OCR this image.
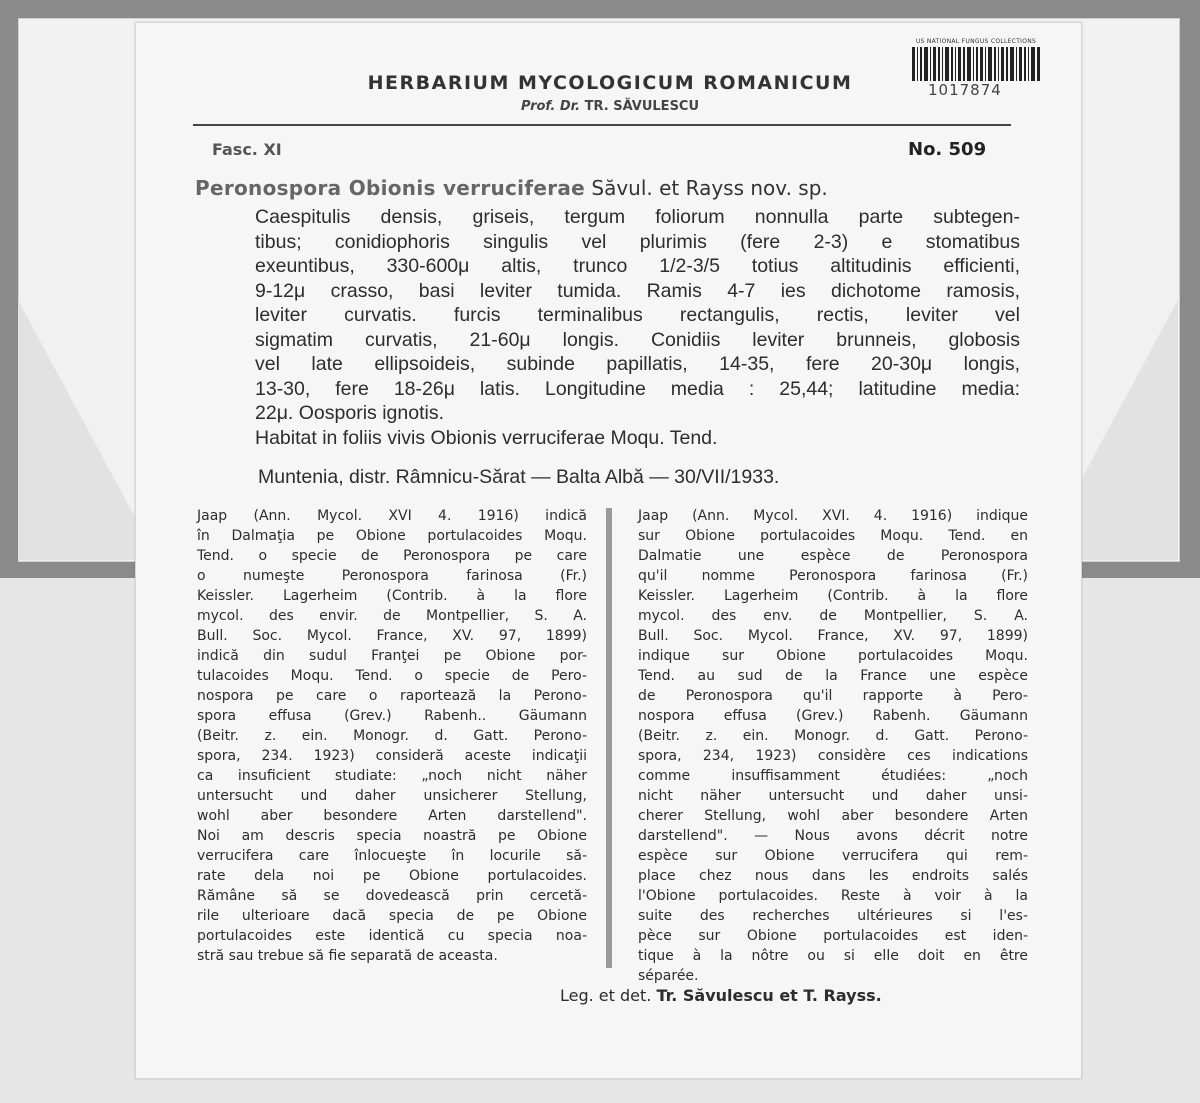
HERBARIUM MYCOLOGICUM ROMANICUM
Prof. Dr. TR. SĂVULESCU
US NATIONAL FUNGUS COLLECTIONS
1017874
Fasc. XI	No. 509
Peronospora Obionis verruciferae Săvul. et Rayss nov. sp.
Caespitulis densis, griseis, tergum foliorum nonnulla parte subtegen-
tibus; conidiophoris singulis vel plurimis (fere 2-3) e stomatibus
exeuntibus, 330-600μ altis, trunco 1/2-3/5 totius altitudinis efficienti,
9-12μ crasso, basi leviter tumida. Ramis 4-7 ies dichotome ramosis,
leviter curvatis. furcis terminalibus rectangulis, rectis, leviter vel
sigmatim curvatis, 21-60μ longis. Conidiis leviter brunneis, globosis
vel late ellipsoideis, subinde papillatis, 14-35, fere 20-30μ longis,
13-30, fere 18-26μ latis. Longitudine media : 25,44; latitudine media:
22μ. Oosporis ignotis.
Habitat in foliis vivis Obionis verruciferae Moqu. Tend.
Muntenia, distr. Râmnicu-Sărat — Balta Albă — 30/VII/1933.
Jaap (Ann. Mycol. XVI 4. 1916) indică
în Dalmaţia pe Obione portulacoides Moqu.
Tend. o specie de Peronospora pe care
o numeşte Peronospora farinosa (Fr.)
Keissler. Lagerheim (Contrib. à la flore
mycol. des envir. de Montpellier, S. A.
Bull. Soc. Mycol. France, XV. 97, 1899)
indică din sudul Franţei pe Obione por-
tulacoides Moqu. Tend. o specie de Pero-
nospora pe care o raportează la Perono-
spora effusa (Grev.) Rabenh.. Gäumann
(Beitr. z. ein. Monogr. d. Gatt. Perono-
spora, 234. 1923) consideră aceste indicaţii
ca insuficient studiate: „noch nicht näher
untersucht und daher unsicherer Stellung,
wohl aber besondere Arten darstellend".
Noi am descris specia noastră pe Obione
verrucifera care înlocueşte în locurile să-
rate dela noi pe Obione portulacoides.
Rămâne să se dovedească prin cercetă-
rile ulterioare dacă specia de pe Obione
portulacoides este identică cu specia noa-
stră sau trebue să fie separată de aceasta.
Jaap (Ann. Mycol. XVI. 4. 1916) indique
sur Obione portulacoides Moqu. Tend. en
Dalmatie une espèce de Peronospora
qu'il nomme Peronospora farinosa (Fr.)
Keissler. Lagerheim (Contrib. à la flore
mycol. des env. de Montpellier, S. A.
Bull. Soc. Mycol. France, XV. 97, 1899)
indique sur Obione portulacoides Moqu.
Tend. au sud de la France une espèce
de Peronospora qu'il rapporte à Pero-
nospora effusa (Grev.) Rabenh. Gäumann
(Beitr. z. ein. Monogr. d. Gatt. Perono-
spora, 234, 1923) considère ces indications
comme insuffisamment étudiées: „noch
nicht näher untersucht und daher unsi-
cherer Stellung, wohl aber besondere Arten
darstellend". — Nous avons décrit notre
espèce sur Obione verrucifera qui rem-
place chez nous dans les endroits salés
l'Obione portulacoides. Reste à voir à la
suite des recherches ultérieures si l'es-
pèce sur Obione portulacoides est iden-
tique à la nôtre ou si elle doit en être
séparée.
Leg. et det. Tr. Săvulescu et T. Rayss.
